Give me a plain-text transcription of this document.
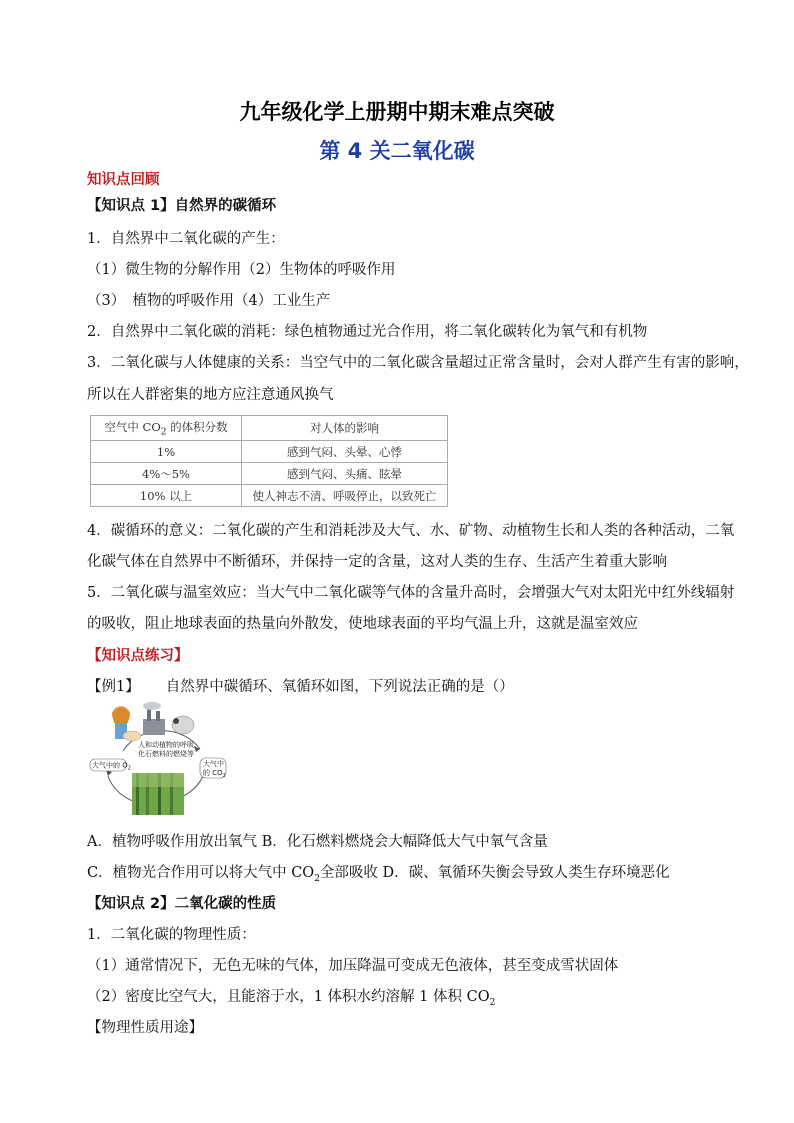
九年级化学上册期中期末难点突破
第 4 关二氧化碳
知识点回顾
【知识点 1】自然界的碳循环
1．自然界中二氧化碳的产生：
（1）微生物的分解作用（2）生物体的呼吸作用
（3）　植物的呼吸作用（4）工业生产
2．自然界中二氧化碳的消耗：绿色植物通过光合作用，将二氧化碳转化为氧气和有机物
3．二氧化碳与人体健康的关系：当空气中的二氧化碳含量超过正常含量时，会对人群产生有害的影响，
所以在人群密集的地方应注意通风换气
空气中 $CO_2$ 的体积分数	对人体的影响
1%	感到气闷、头晕、心悸
4%～5%	感到气闷、头痛、眩晕
10% 以上	使人神志不清、呼吸停止，以致死亡
4．碳循环的意义：二氧化碳的产生和消耗涉及大气、水、矿物、动植物生长和人类的各种活动，二氧
化碳气体在自然界中不断循环，并保持一定的含量，这对人类的生存、生活产生着重大影响
5．二氧化碳与温室效应：当大气中二氧化碳等气体的含量升高时，会增强大气对太阳光中红外线辐射
的吸收，阻止地球表面的热量向外散发，使地球表面的平均气温上升，这就是温室效应
【知识点练习】
【例1】 自然界中碳循环、氧循环如图，下列说法正确的是（）
人和动植物的呼吸、
化石燃料的燃烧等
大气中的 $O_2$
大气中
的 $CO_2$
A．植物呼吸作用放出氧气 B．化石燃料燃烧会大幅降低大气中氧气含量
C．植物光合作用可以将大气中 $CO_2$全部吸收 D．碳、氧循环失衡会导致人类生存环境恶化
【知识点 2】二氧化碳的性质
1．二氧化碳的物理性质：
（1）通常情况下，无色无味的气体，加压降温可变成无色液体，甚至变成雪状固体
（2）密度比空气大，且能溶于水，1 体积水约溶解 1 体积 $CO_2$
【物理性质用途】
